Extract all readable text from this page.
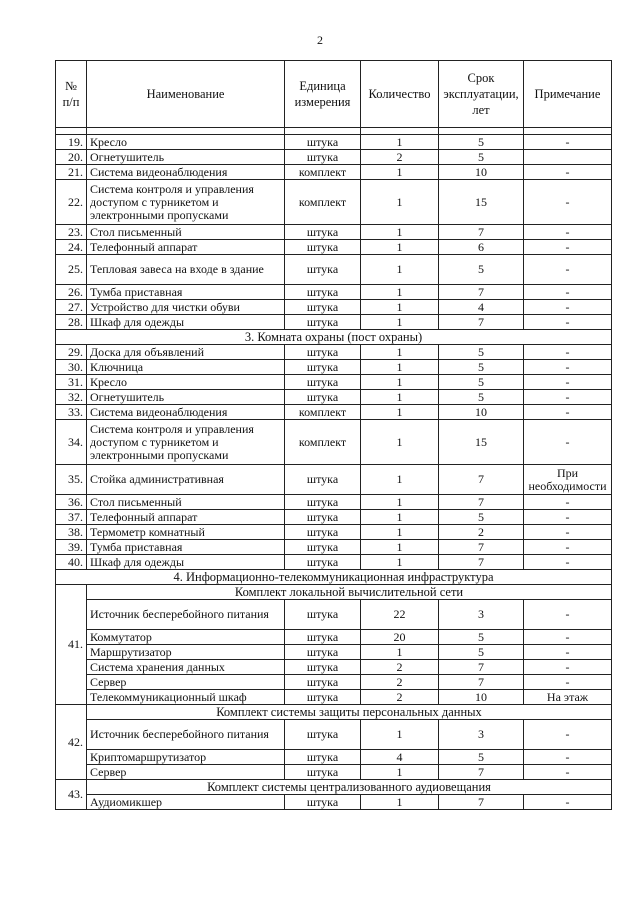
2
№ п/п	Наименование	Единица измерения	Количество	Срок эксплуатации, лет	Примечание

19.	Кресло	штука	1	5	-
20.	Огнетушитель	штука	2	5	
21.	Система видеонаблюдения	комплект	1	10	-
22.	Система контроля и управления доступом с турникетом и электронными пропусками	комплект	1	15	-
23.	Стол письменный	штука	1	7	-
24.	Телефонный аппарат	штука	1	6	-
25.	Тепловая завеса на входе в здание	штука	1	5	-
26.	Тумба приставная	штука	1	7	-
27.	Устройство для чистки обуви	штука	1	4	-
28.	Шкаф для одежды	штука	1	7	-
3. Комната охраны (пост охраны)					
29.	Доска для объявлений	штука	1	5	-
30.	Ключница	штука	1	5	-
31.	Кресло	штука	1	5	-
32.	Огнетушитель	штука	1	5	-
33.	Система видеонаблюдения	комплект	1	10	-
34.	Система контроля и управления доступом с турникетом и электронными пропусками	комплект	1	15	-
35.	Стойка административная	штука	1	7	При необходимости
36.	Стол письменный	штука	1	7	-
37.	Телефонный аппарат	штука	1	5	-
38.	Термометр комнатный	штука	1	2	-
39.	Тумба приставная	штука	1	7	-
40.	Шкаф для одежды	штука	1	7	-
4. Информационно-телекоммуникационная инфраструктура					
41.	Комплект локальной вычислительной сети				
	Источник бесперебойного питания	штука	22	3	-
	Коммутатор	штука	20	5	-
	Маршрутизатор	штука	1	5	-
	Система хранения данных	штука	2	7	-
	Сервер	штука	2	7	-
	Телекоммуникационный шкаф	штука	2	10	На этаж
42.	Комплект системы защиты персональных данных				
	Источник бесперебойного питания	штука	1	3	-
	Криптомаршрутизатор	штука	4	5	-
	Сервер	штука	1	7	-
43.	Комплект системы централизованного аудиовещания				
	Аудиомикшер	штука	1	7	-
